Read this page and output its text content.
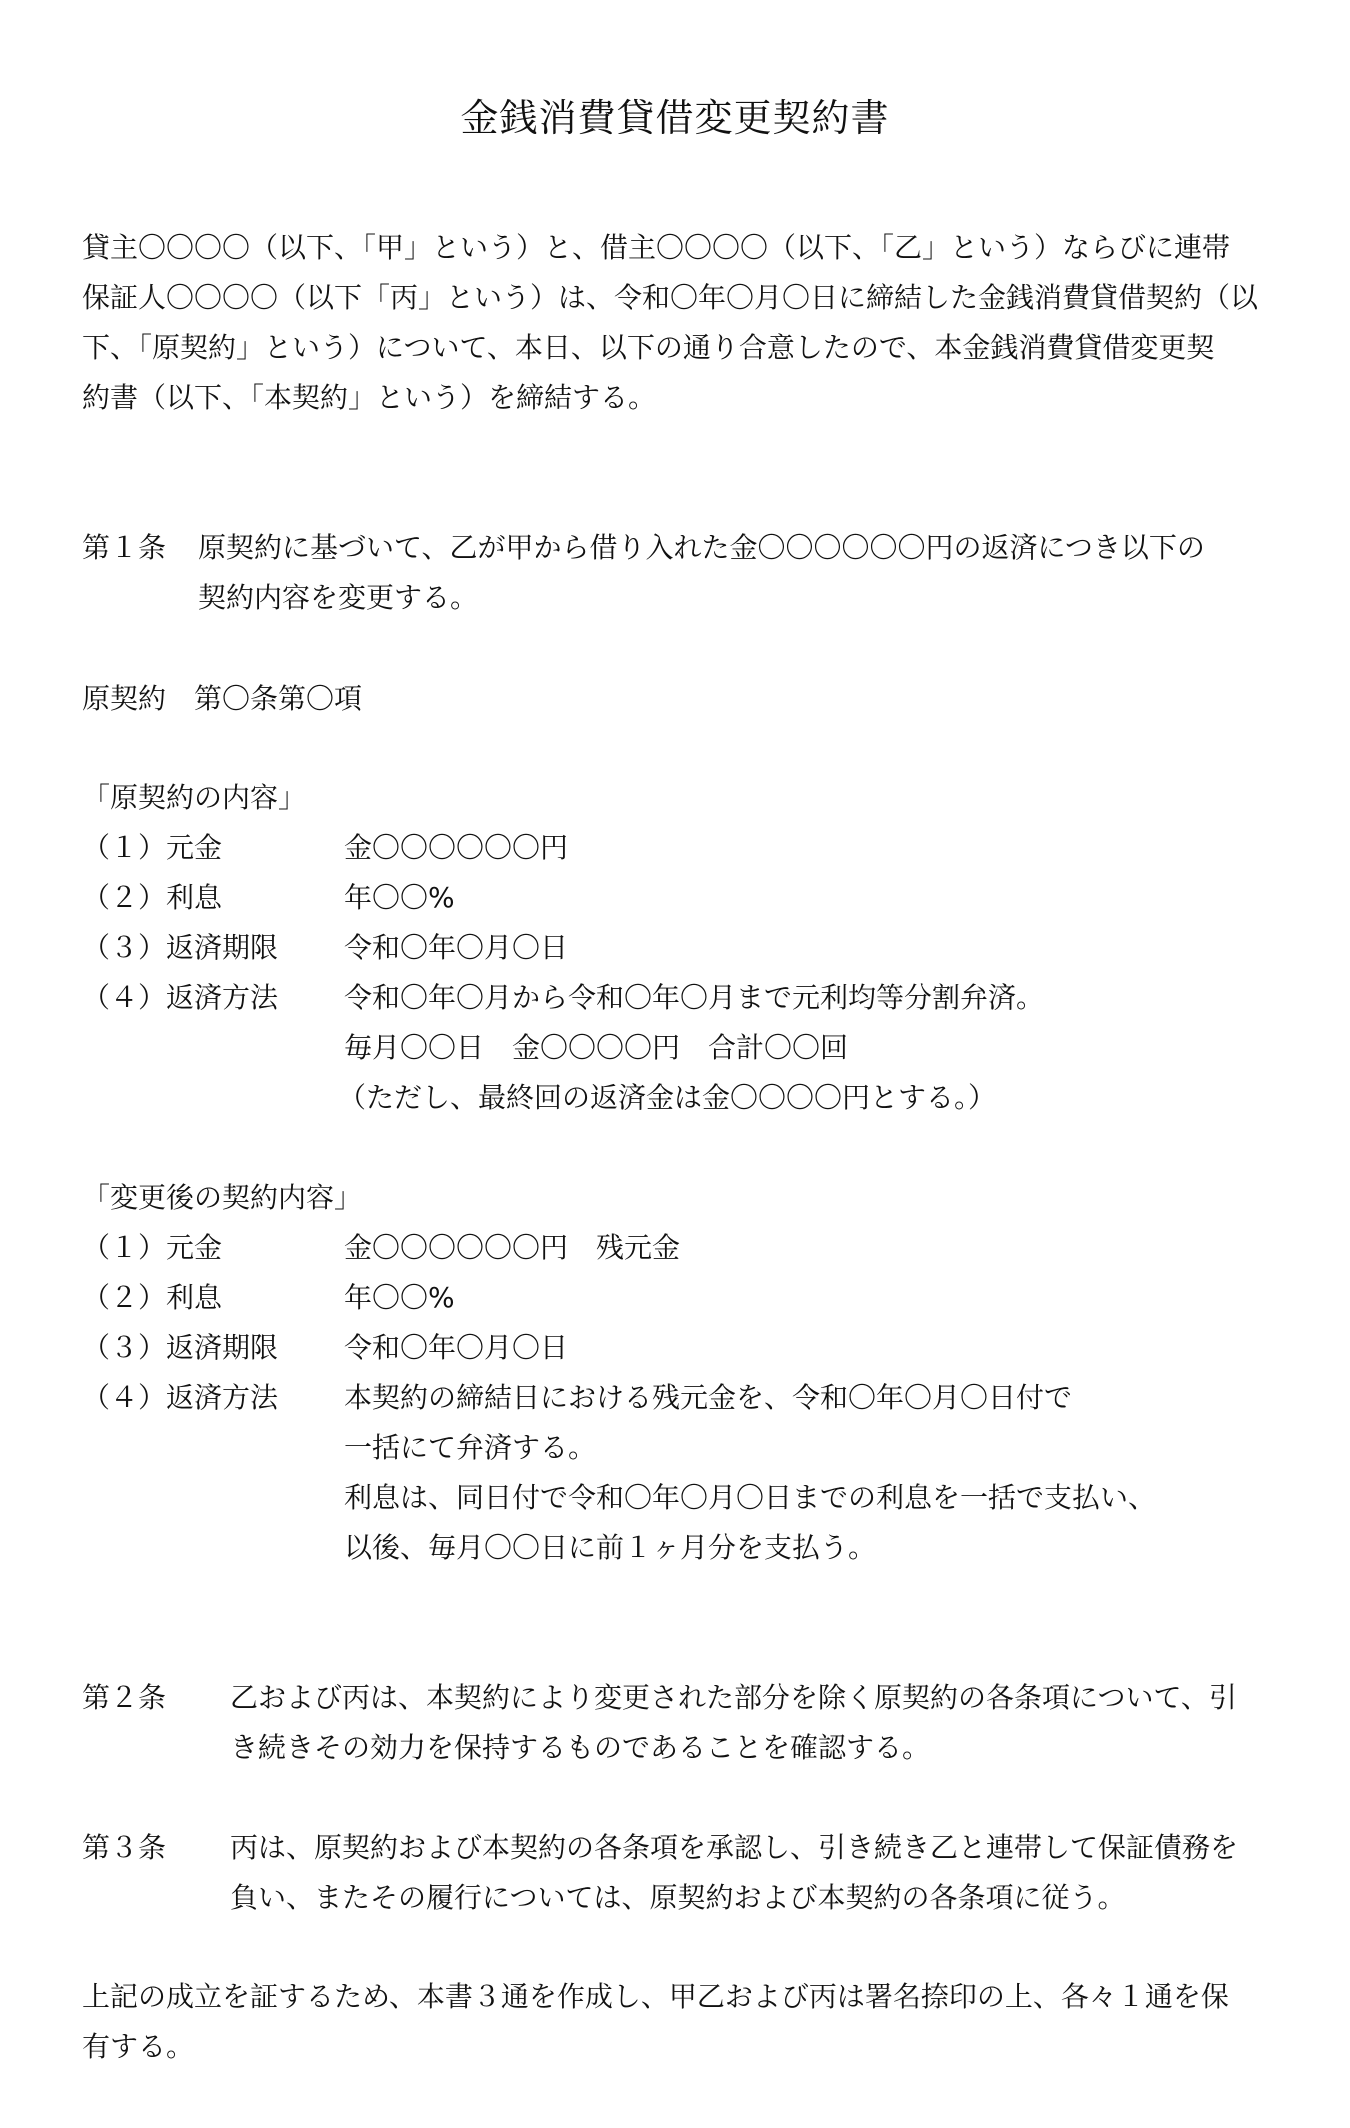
金銭消費貸借変更契約書

貸主〇〇〇〇（以下、「甲」という）と、借主〇〇〇〇（以下、「乙」という）ならびに連帯

保証人〇〇〇〇（以下「丙」という）は、令和〇年〇月〇日に締結した金銭消費貸借契約（以

下、「原契約」という）について、本日、以下の通り合意したので、本金銭消費貸借変更契

約書（以下、「本契約」という）を締結する。

第１条 原契約に基づいて、乙が甲から借り入れた金〇〇〇〇〇〇円の返済につき以下の

契約内容を変更する。

原契約　第〇条第〇項
「原契約の内容」
（１）元金	金〇〇〇〇〇〇円
（２）利息	年〇〇%
（３）返済期限 令和〇年〇月〇日
（４）返済方法 令和〇年〇月から令和〇年〇月まで元利均等分割弁済。
毎月〇〇日　金〇〇〇〇円　合計〇〇回
（ただし、最終回の返済金は金〇〇〇〇円とする。）
「変更後の契約内容」
（１）元金	金〇〇〇〇〇〇円　残元金
（２）利息	年〇〇%
（３）返済期限 令和〇年〇月〇日
（４）返済方法 本契約の締結日における残元金を、令和〇年〇月〇日付で
一括にて弁済する。
利息は、同日付で令和〇年〇月〇日までの利息を一括で支払い、
以後、毎月〇〇日に前１ヶ月分を支払う。
第２条 乙および丙は、本契約により変更された部分を除く原契約の各条項について、引

き続きその効力を保持するものであることを確認する。

第３条 丙は、原契約および本契約の各条項を承認し、引き続き乙と連帯して保証債務を

負い、またその履行については、原契約および本契約の各条項に従う。

上記の成立を証するため、本書３通を作成し、甲乙および丙は署名捺印の上、各々１通を保

有する。
